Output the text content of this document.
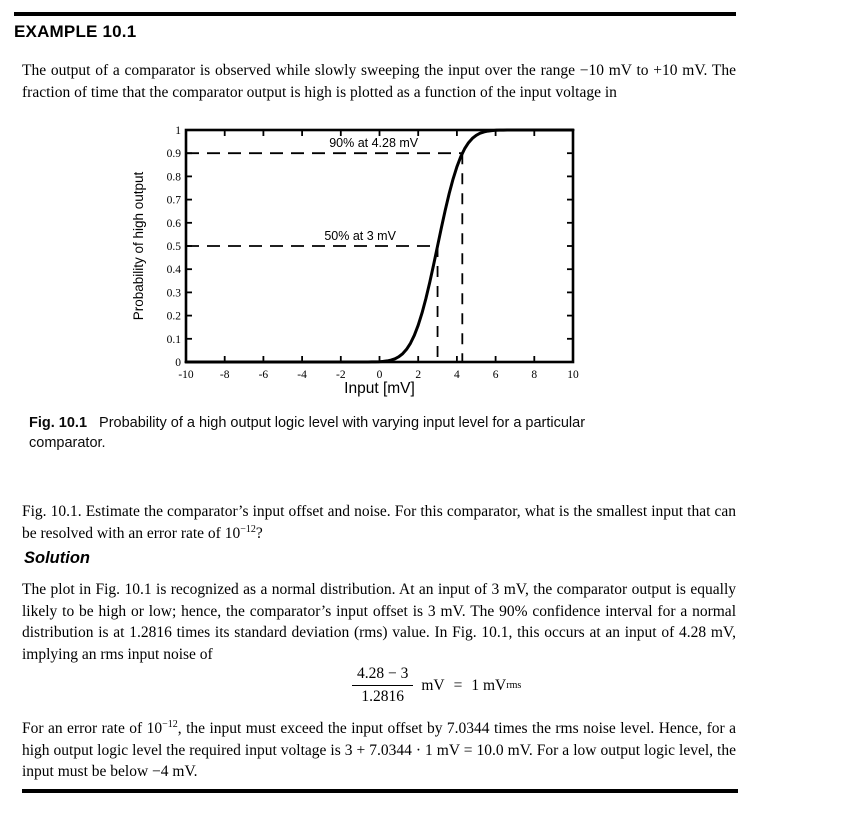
EXAMPLE 10.1

The output of a comparator is observed while slowly sweeping the input over the range −10 mV to +10 mV. The fraction of time that the comparator output is high is plotted as a function of the input voltage in

90% at 4.28 mV
50% at 3 mV
-10 -8	-6	-4	-2	0	2	4	6	8	10
0
0.1
0.2
0.3
0.4
0.5
0.6
0.7
0.8
0.9
1
Input [mV]
Probability of high output
Fig. 10.1 Probability of a high output logic level with varying input level for a particular comparator.

Fig. 10.1. Estimate the comparator’s input offset and noise. For this comparator, what is the smallest input that can be resolved with an error rate of $10^{-12}$?

Solution

The plot in Fig. 10.1 is recognized as a normal distribution. At an input of 3 mV, the comparator output is equally likely to be high or low; hence, the comparator’s input offset is 3 mV. The 90% confidence interval for a normal distribution is at 1.2816 times its standard deviation (rms) value. In Fig. 10.1, this occurs at an input of 4.28 mV, implying an rms input noise of

$\frac{4.28 - 3}{1.2816}$ mV = 1 mV rms

For an error rate of $10^{-12}$, the input must exceed the input offset by 7.0344 times the rms noise level. Hence, for a high output logic level the required input voltage is 3 + 7.0344 · 1 mV = 10.0 mV. For a low output logic level, the input must be below −4 mV.
